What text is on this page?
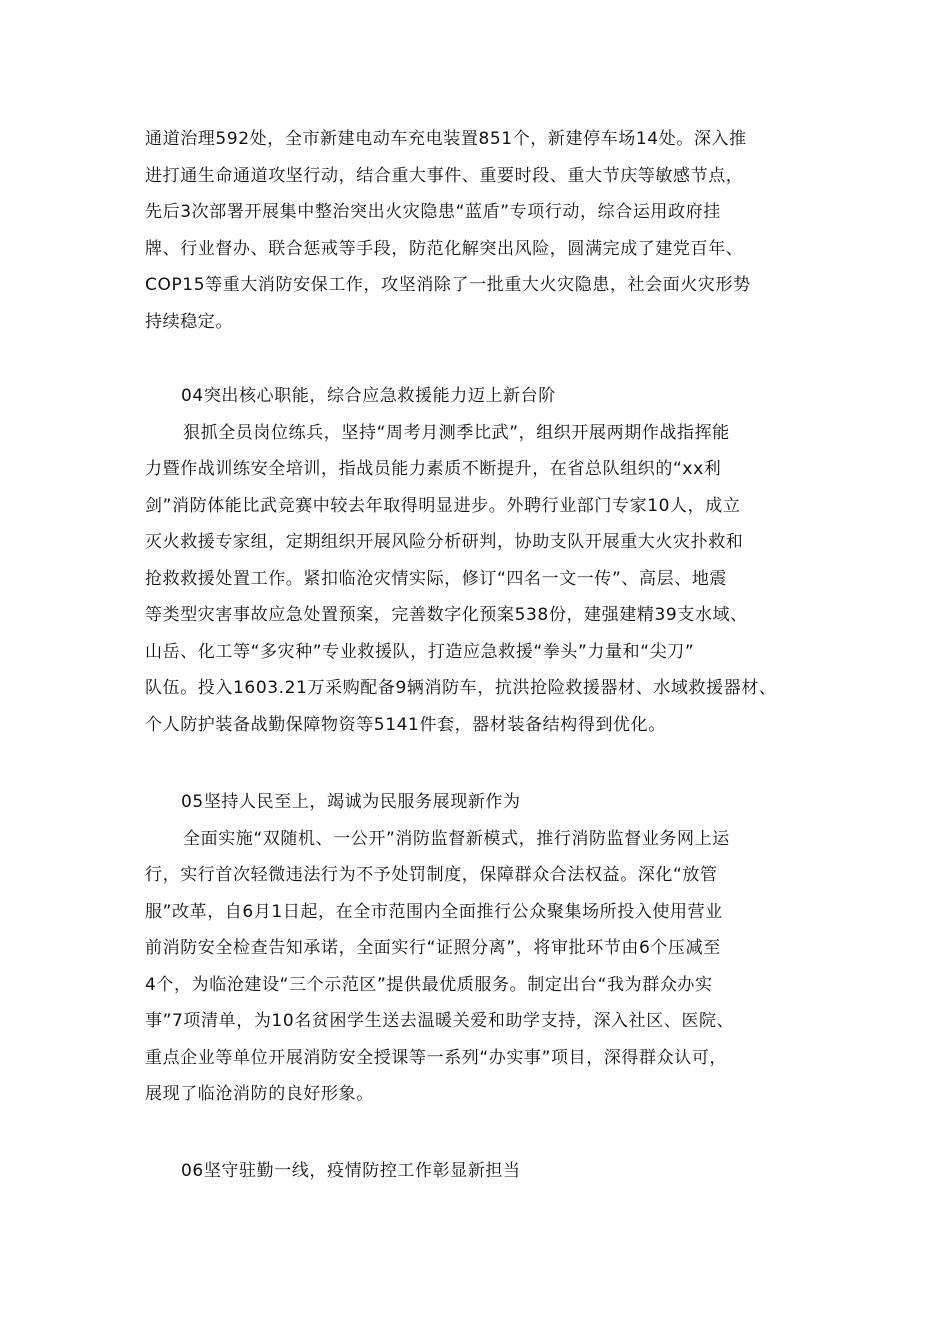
通道治理592处，全市新建电动车充电装置851个，新建停车场14处。深入推
进打通生命通道攻坚行动，结合重大事件、重要时段、重大节庆等敏感节点，
先后3次部署开展集中整治突出火灾隐患“蓝盾”专项行动，综合运用政府挂
牌、行业督办、联合惩戒等手段，防范化解突出风险，圆满完成了建党百年、
COP15等重大消防安保工作，攻坚消除了一批重大火灾隐患，社会面火灾形势
持续稳定。
04突出核心职能，综合应急救援能力迈上新台阶
狠抓全员岗位练兵，坚持“周考月测季比武”，组织开展两期作战指挥能
力暨作战训练安全培训，指战员能力素质不断提升，在省总队组织的“xx利
剑”消防体能比武竞赛中较去年取得明显进步。外聘行业部门专家10人，成立
灭火救援专家组，定期组织开展风险分析研判，协助支队开展重大火灾扑救和
抢救救援处置工作。紧扣临沧灾情实际，修订“四名一文一传”、高层、地震
等类型灾害事故应急处置预案，完善数字化预案538份，建强建精39支水域、
山岳、化工等“多灾种”专业救援队，打造应急救援“拳头”力量和“尖刀”
队伍。投入1603.21万采购配备9辆消防车，抗洪抢险救援器材、水域救援器材、
个人防护装备战勤保障物资等5141件套，器材装备结构得到优化。
05坚持人民至上，竭诚为民服务展现新作为
全面实施“双随机、一公开”消防监督新模式，推行消防监督业务网上运
行，实行首次轻微违法行为不予处罚制度，保障群众合法权益。深化“放管
服”改革，自6月1日起，在全市范围内全面推行公众聚集场所投入使用营业
前消防安全检查告知承诺，全面实行“证照分离”，将审批环节由6个压减至
4个，为临沧建设“三个示范区”提供最优质服务。制定出台“我为群众办实
事”7项清单，为10名贫困学生送去温暖关爱和助学支持，深入社区、医院、
重点企业等单位开展消防安全授课等一系列“办实事”项目，深得群众认可，
展现了临沧消防的良好形象。
06坚守驻勤一线，疫情防控工作彰显新担当
